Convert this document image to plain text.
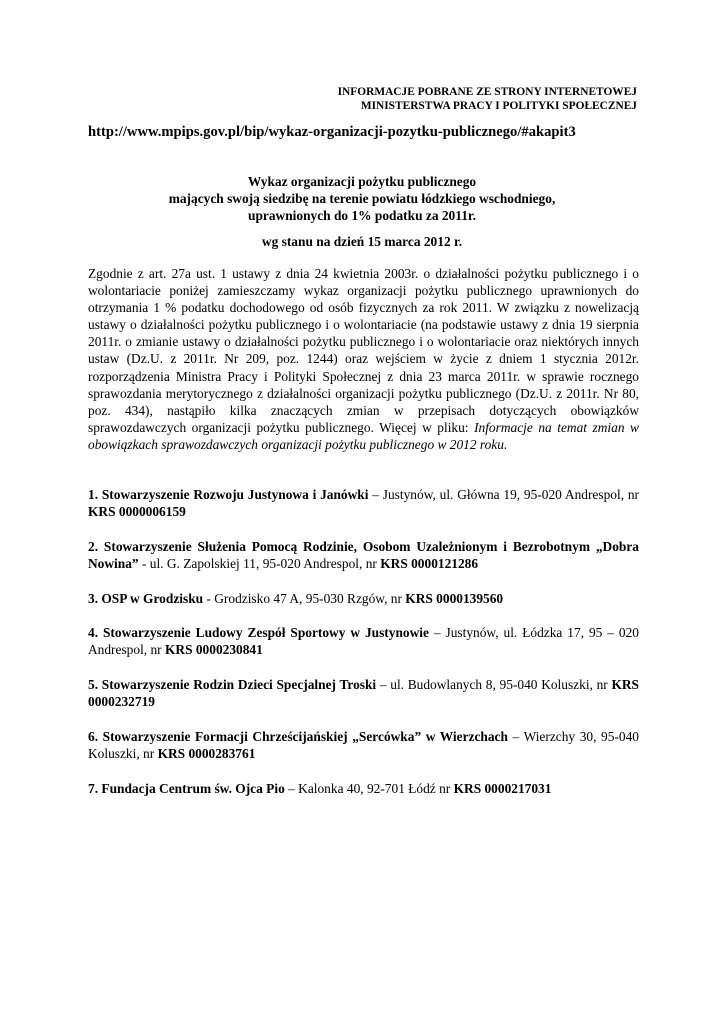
INFORMACJE POBRANE ZE STRONY INTERNETOWEJ
MINISTERSTWA PRACY I POLITYKI SPOŁECZNEJ
http://www.mpips.gov.pl/bip/wykaz-organizacji-pozytku-publicznego/#akapit3
Wykaz organizacji pożytku publicznego
mających swoją siedzibę na terenie powiatu łódzkiego wschodniego,
uprawnionych do 1% podatku za 2011r.
wg stanu na dzień 15 marca 2012 r.

Zgodnie z art. 27a ust. 1 ustawy z dnia 24 kwietnia 2003r. o działalności pożytku publicznego i o wolontariacie poniżej zamieszczamy wykaz organizacji pożytku publicznego uprawnionych do otrzymania 1 % podatku dochodowego od osób fizycznych za rok 2011. W związku z nowelizacją ustawy o działalności pożytku publicznego i o wolontariacie (na podstawie ustawy z dnia 19 sierpnia 2011r. o zmianie ustawy o działalności pożytku publicznego i o wolontariacie oraz niektórych innych ustaw (Dz.U. z 2011r. Nr 209, poz. 1244) oraz wejściem w życie z dniem 1 stycznia 2012r. rozporządzenia Ministra Pracy i Polityki Społecznej z dnia 23 marca 2011r. w sprawie rocznego sprawozdania merytorycznego z działalności organizacji pożytku publicznego (Dz.U. z 2011r. Nr 80, poz. 434), nastąpiło kilka znaczących zmian w przepisach dotyczących obowiązków sprawozdawczych organizacji pożytku publicznego. Więcej w pliku: Informacje na temat zmian w obowiązkach sprawozdawczych organizacji pożytku publicznego w 2012 roku.

1. Stowarzyszenie Rozwoju Justynowa i Janówki – Justynów, ul. Główna 19, 95-020 Andrespol, nr KRS 0000006159

2. Stowarzyszenie Służenia Pomocą Rodzinie, Osobom Uzależnionym i Bezrobotnym „Dobra Nowina” - ul. G. Zapolskiej 11, 95-020 Andrespol, nr KRS 0000121286

3. OSP w Grodzisku - Grodzisko 47 A, 95-030 Rzgów, nr KRS 0000139560

4. Stowarzyszenie Ludowy Zespół Sportowy w Justynowie – Justynów, ul. Łódzka 17, 95 – 020 Andrespol, nr KRS 0000230841

5. Stowarzyszenie Rodzin Dzieci Specjalnej Troski – ul. Budowlanych 8, 95-040 Koluszki, nr KRS 0000232719

6. Stowarzyszenie Formacji Chrześcijańskiej „Sercówka” w Wierzchach – Wierzchy 30, 95-040 Koluszki, nr KRS 0000283761

7. Fundacja Centrum św. Ojca Pio – Kalonka 40, 92-701 Łódź nr KRS 0000217031
